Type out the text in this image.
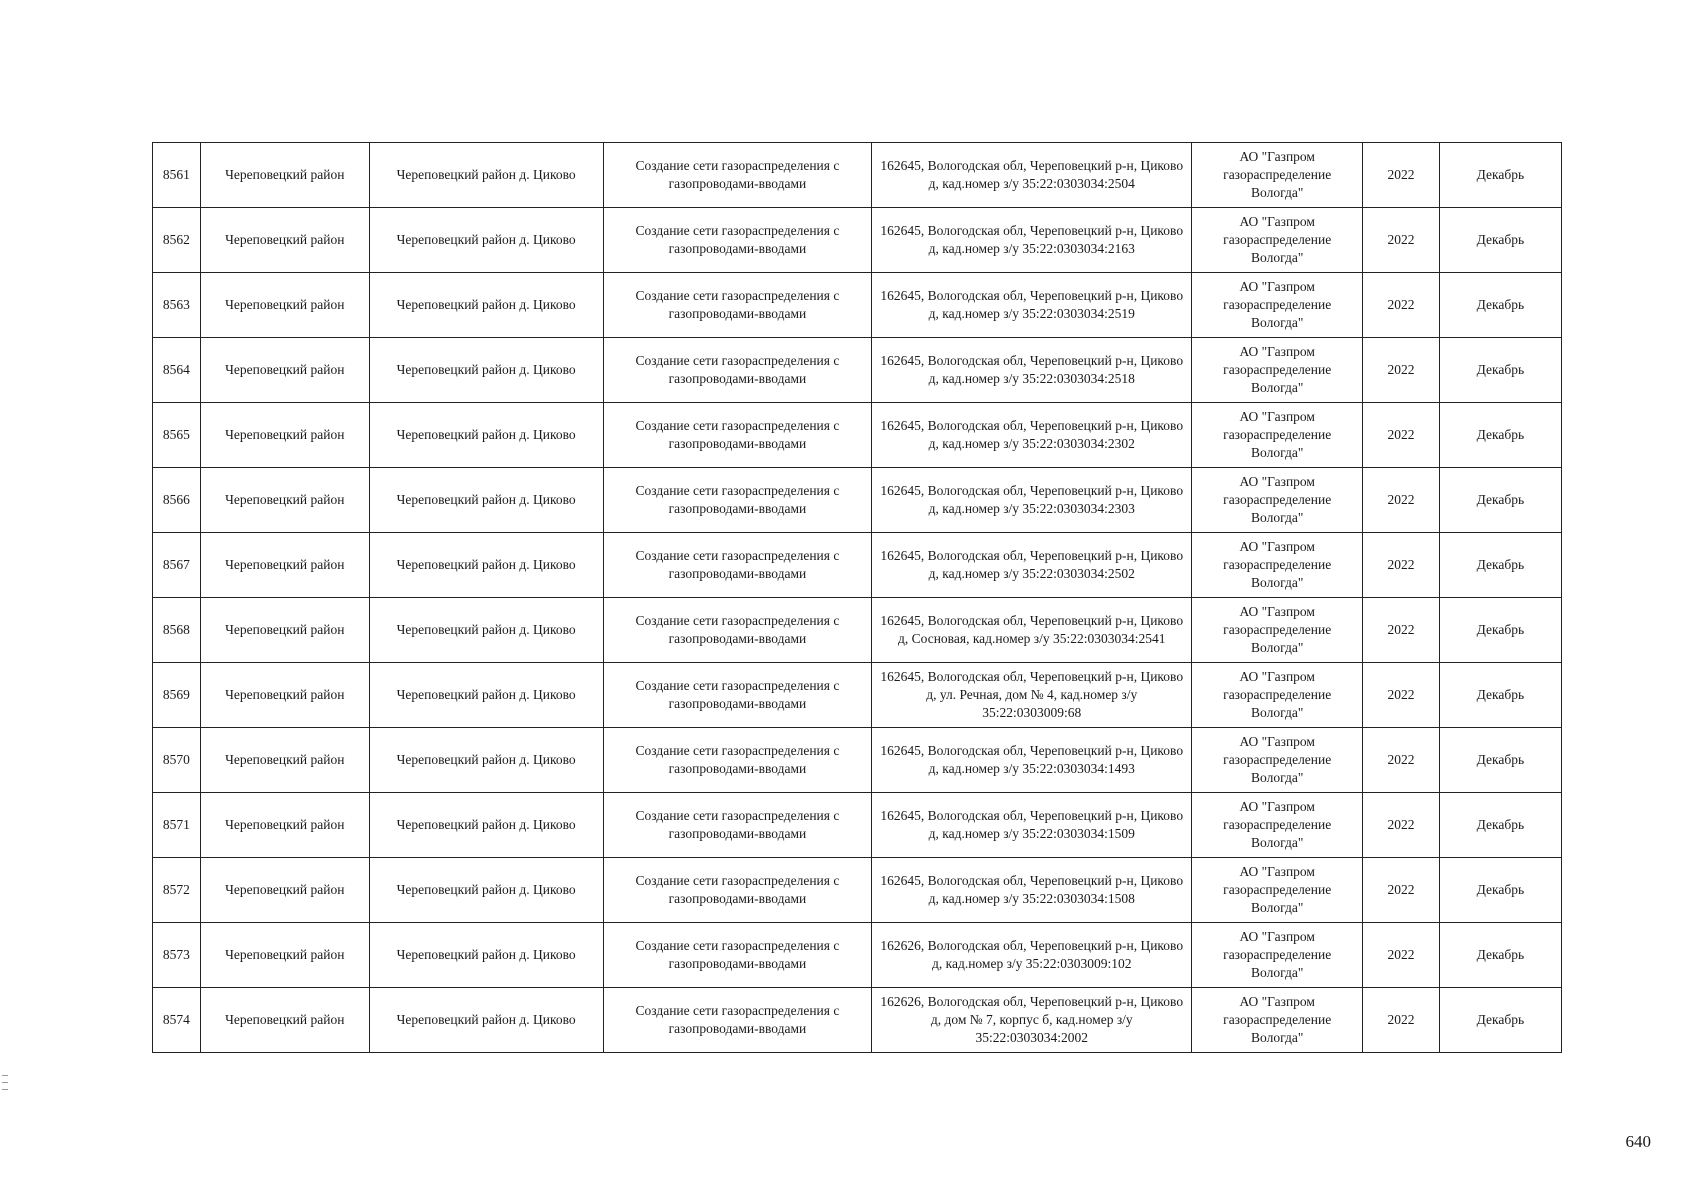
8561	Череповецкий район	Череповецкий район д. Циково	Создание сети газораспределения с газопроводами-вводами	162645, Вологодская обл, Череповецкий р-н, Циково д, кад.номер з/у 35:22:0303034:2504	АО "Газпром газораспределение Вологда"	2022	Декабрь
8562	Череповецкий район	Череповецкий район д. Циково	Создание сети газораспределения с газопроводами-вводами	162645, Вологодская обл, Череповецкий р-н, Циково д, кад.номер з/у 35:22:0303034:2163	АО "Газпром газораспределение Вологда"	2022	Декабрь
8563	Череповецкий район	Череповецкий район д. Циково	Создание сети газораспределения с газопроводами-вводами	162645, Вологодская обл, Череповецкий р-н, Циково д, кад.номер з/у 35:22:0303034:2519	АО "Газпром газораспределение Вологда"	2022	Декабрь
8564	Череповецкий район	Череповецкий район д. Циково	Создание сети газораспределения с газопроводами-вводами	162645, Вологодская обл, Череповецкий р-н, Циково д, кад.номер з/у 35:22:0303034:2518	АО "Газпром газораспределение Вологда"	2022	Декабрь
8565	Череповецкий район	Череповецкий район д. Циково	Создание сети газораспределения с газопроводами-вводами	162645, Вологодская обл, Череповецкий р-н, Циково д, кад.номер з/у 35:22:0303034:2302	АО "Газпром газораспределение Вологда"	2022	Декабрь
8566	Череповецкий район	Череповецкий район д. Циково	Создание сети газораспределения с газопроводами-вводами	162645, Вологодская обл, Череповецкий р-н, Циково д, кад.номер з/у 35:22:0303034:2303	АО "Газпром газораспределение Вологда"	2022	Декабрь
8567	Череповецкий район	Череповецкий район д. Циково	Создание сети газораспределения с газопроводами-вводами	162645, Вологодская обл, Череповецкий р-н, Циково д, кад.номер з/у 35:22:0303034:2502	АО "Газпром газораспределение Вологда"	2022	Декабрь
8568	Череповецкий район	Череповецкий район д. Циково	Создание сети газораспределения с газопроводами-вводами	162645, Вологодская обл, Череповецкий р-н, Циково д, Сосновая, кад.номер з/у 35:22:0303034:2541	АО "Газпром газораспределение Вологда"	2022	Декабрь
8569	Череповецкий район	Череповецкий район д. Циково	Создание сети газораспределения с газопроводами-вводами	162645, Вологодская обл, Череповецкий р-н, Циково д, ул. Речная, дом № 4, кад.номер з/у 35:22:0303009:68	АО "Газпром газораспределение Вологда"	2022	Декабрь
8570	Череповецкий район	Череповецкий район д. Циково	Создание сети газораспределения с газопроводами-вводами	162645, Вологодская обл, Череповецкий р-н, Циково д, кад.номер з/у 35:22:0303034:1493	АО "Газпром газораспределение Вологда"	2022	Декабрь
8571	Череповецкий район	Череповецкий район д. Циково	Создание сети газораспределения с газопроводами-вводами	162645, Вологодская обл, Череповецкий р-н, Циково д, кад.номер з/у 35:22:0303034:1509	АО "Газпром газораспределение Вологда"	2022	Декабрь
8572	Череповецкий район	Череповецкий район д. Циково	Создание сети газораспределения с газопроводами-вводами	162645, Вологодская обл, Череповецкий р-н, Циково д, кад.номер з/у 35:22:0303034:1508	АО "Газпром газораспределение Вологда"	2022	Декабрь
8573	Череповецкий район	Череповецкий район д. Циково	Создание сети газораспределения с газопроводами-вводами	162626, Вологодская обл, Череповецкий р-н, Циково д, кад.номер з/у 35:22:0303009:102	АО "Газпром газораспределение Вологда"	2022	Декабрь
8574	Череповецкий район	Череповецкий район д. Циково	Создание сети газораспределения с газопроводами-вводами	162626, Вологодская обл, Череповецкий р-н, Циково д, дом № 7, корпус б, кад.номер з/у 35:22:0303034:2002	АО "Газпром газораспределение Вологда"	2022	Декабрь
640
